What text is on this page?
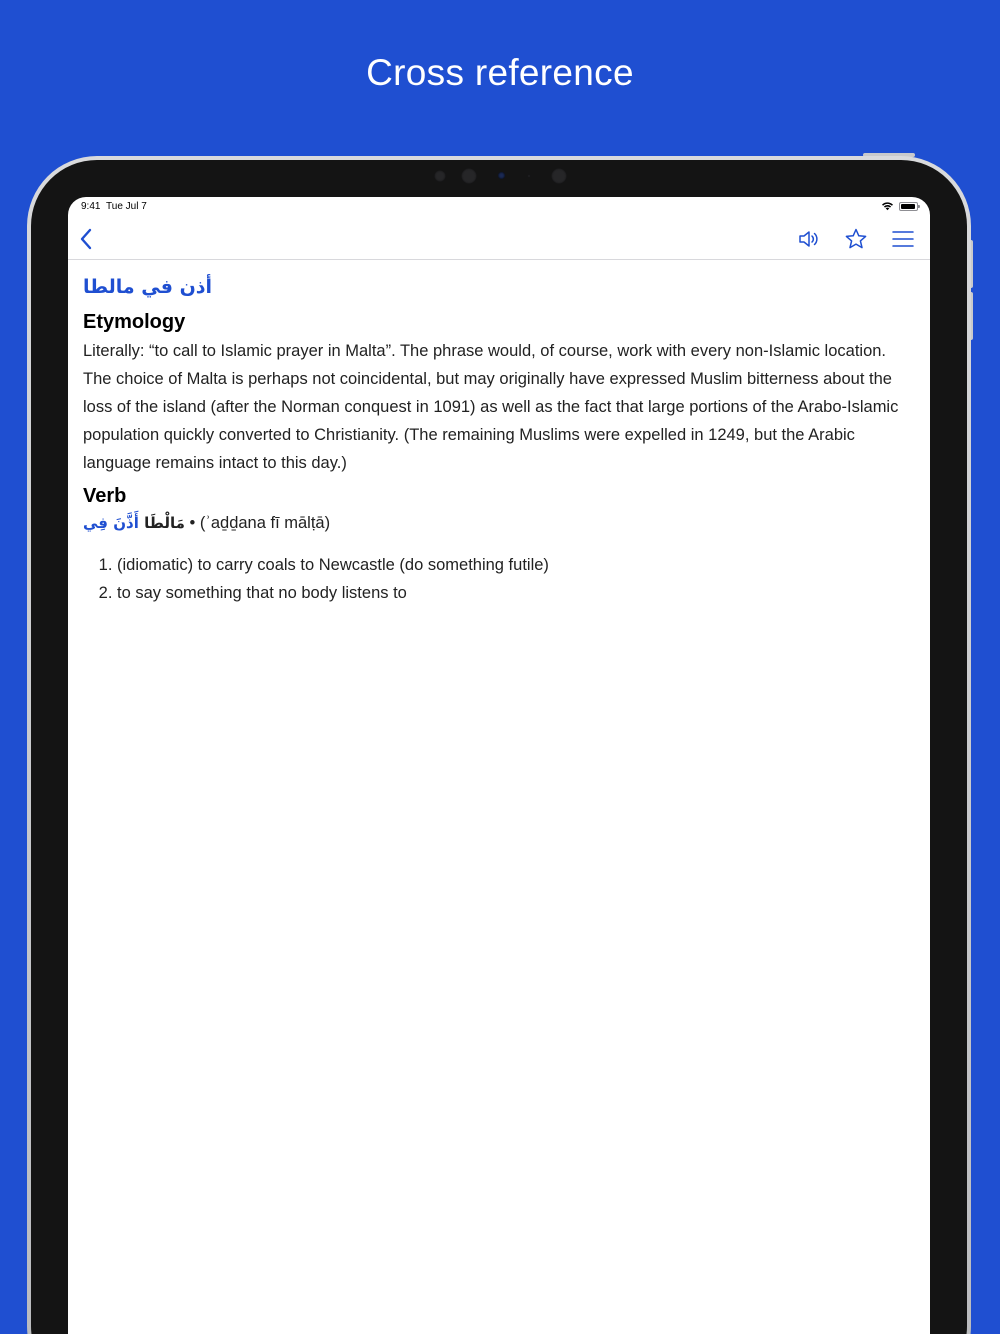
Cross reference
9:41 Tue Jul 7
أذن في مالطا
Etymology
Literally: “to call to Islamic prayer in Malta”. The phrase would, of course, work with every non-Islamic location. The choice of Malta is perhaps not coincidental, but may originally have expressed Muslim bitterness about the loss of the island (after the Norman conquest in 1091) as well as the fact that large portions of the Arabo-Islamic population quickly converted to Christianity. (The remaining Muslims were expelled in 1249, but the Arabic language remains intact to this day.)
Verb
مَالْطَا أَذَّنَ فِي	• (ʾaḏḏana fī mālṭā)
1. (idiomatic) to carry coals to Newcastle (do something futile)
2. to say something that no body listens to
